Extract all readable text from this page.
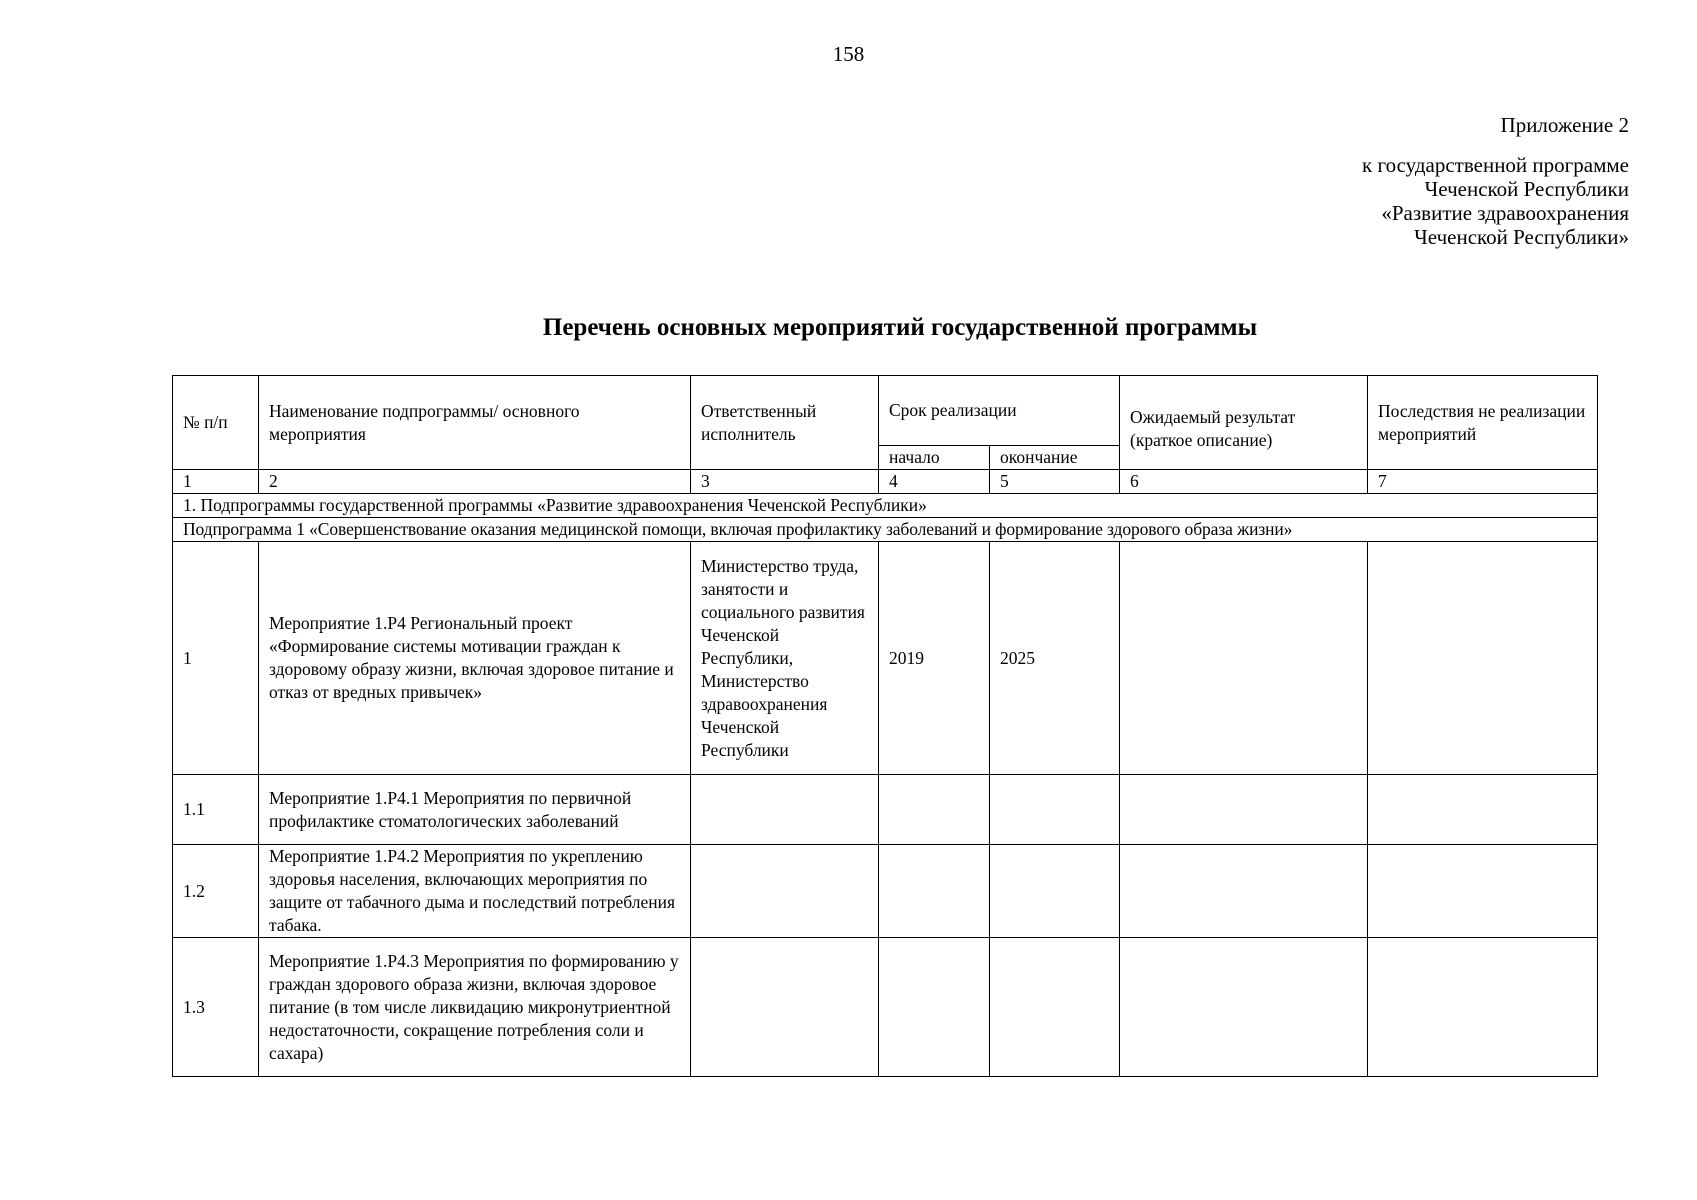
158
Приложение 2
к государственной программе
Чеченской Республики
«Развитие здравоохранения
Чеченской Республики»
Перечень основных мероприятий государственной программы
№ п/п	Наименование подпрограммы/ основного мероприятия	Ответственный исполнитель	Срок реализации		Ожидаемый результат (краткое описание)	Последствия не реализации мероприятий
			начало	окончание		
1	2	3	4	5	6	7
1. Подпрограммы государственной программы «Развитие здравоохранения Чеченской Республики»						
Подпрограмма 1 «Совершенствование оказания медицинской помощи, включая профилактику заболеваний и формирование здорового образа жизни»						
1	Мероприятие 1.Р4 Региональный проект «Формирование системы мотивации граждан к здоровому образу жизни, включая здоровое питание и отказ от вредных привычек»	Министерство труда, занятости и социального развития Чеченской Республики, Министерство здравоохранения Чеченской Республики	2019	2025		
1.1	Мероприятие 1.Р4.1 Мероприятия по первичной профилактике стоматологических заболеваний					
1.2	Мероприятие 1.Р4.2 Мероприятия по укреплению здоровья населения, включающих мероприятия по защите от табачного дыма и последствий потребления табака.					
1.3	Мероприятие 1.Р4.3 Мероприятия по формированию у граждан здорового образа жизни, включая здоровое питание (в том числе ликвидацию микронутриентной недостаточности, сокращение потребления соли и сахара)					
